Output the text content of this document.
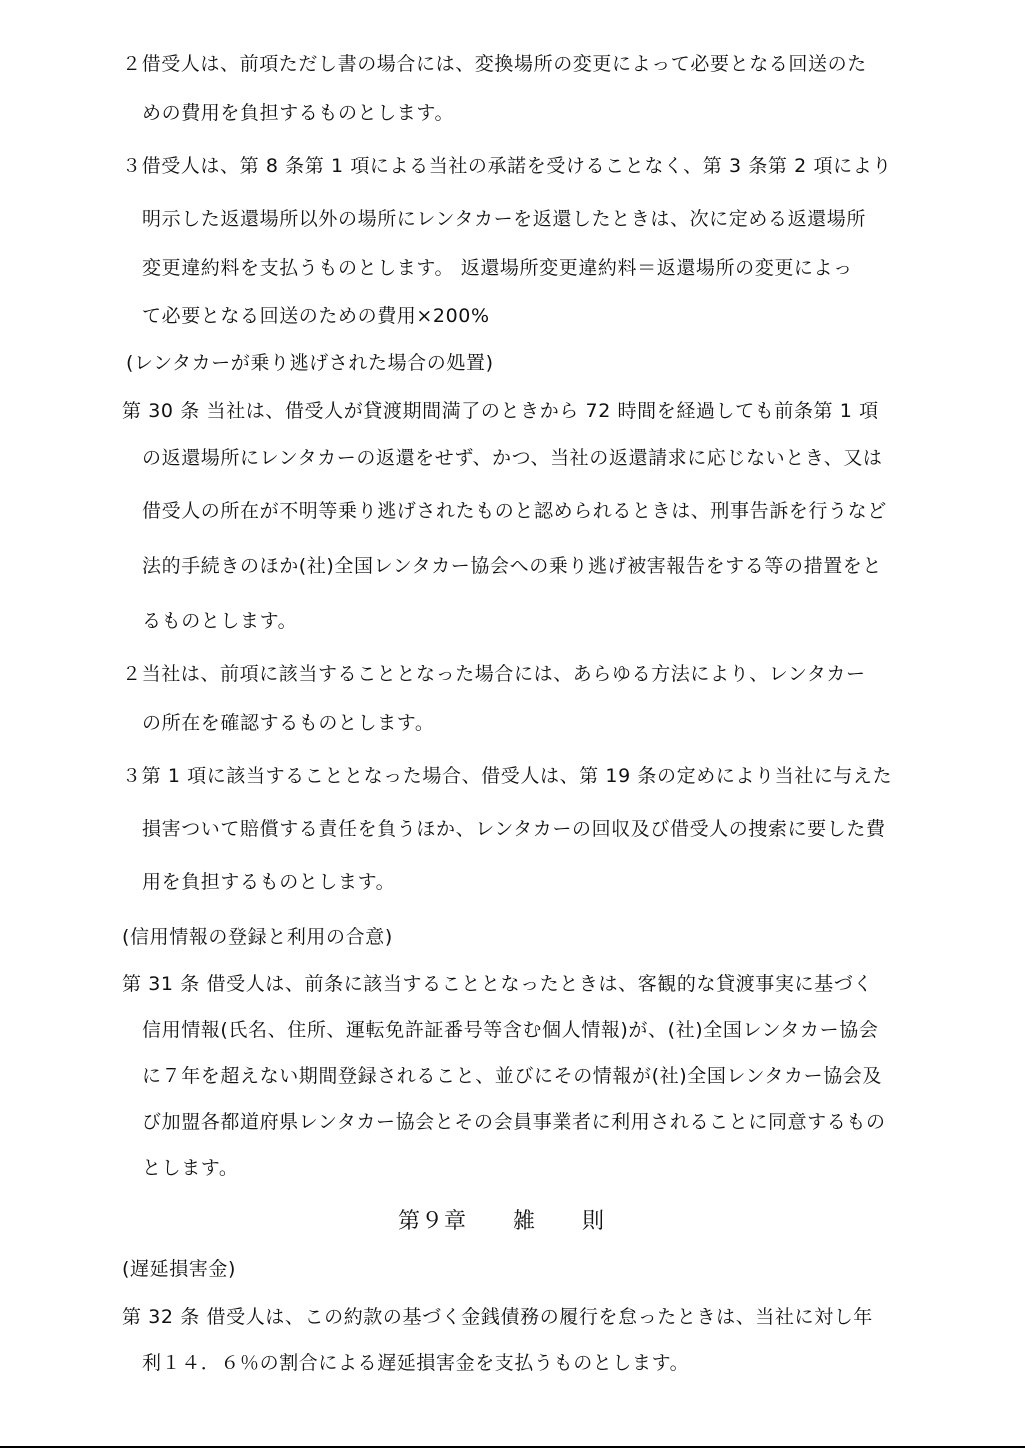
２借受人は、前項ただし書の場合には、変換場所の変更によって必要となる回送のた
めの費用を負担するものとします。
３借受人は、第 8 条第 1 項による当社の承諾を受けることなく、第 3 条第 2 項により
明示した返還場所以外の場所にレンタカーを返還したときは、次に定める返還場所
変更違約料を支払うものとします。 返還場所変更違約料＝返還場所の変更によっ
て必要となる回送のための費用×200%
(レンタカーが乗り逃げされた場合の処置)
第 30 条 当社は、借受人が貸渡期間満了のときから 72 時間を経過しても前条第 1 項
の返還場所にレンタカーの返還をせず、かつ、当社の返還請求に応じないとき、又は
借受人の所在が不明等乗り逃げされたものと認められるときは、刑事告訴を行うなど
法的手続きのほか(社)全国レンタカー協会への乗り逃げ被害報告をする等の措置をと
るものとします。
２当社は、前項に該当することとなった場合には、あらゆる方法により、レンタカー
の所在を確認するものとします。
３第 1 項に該当することとなった場合、借受人は、第 19 条の定めにより当社に与えた
損害ついて賠償する責任を負うほか、レンタカーの回収及び借受人の捜索に要した費
用を負担するものとします。
(信用情報の登録と利用の合意)
第 31 条 借受人は、前条に該当することとなったときは、客観的な貸渡事実に基づく
信用情報(氏名、住所、運転免許証番号等含む個人情報)が、(社)全国レンタカー協会
に７年を超えない期間登録されること、並びにその情報が(社)全国レンタカー協会及
び加盟各都道府県レンタカー協会とその会員事業者に利用されることに同意するもの
とします。
第９章　　雑　　則
(遅延損害金)
第 32 条 借受人は、この約款の基づく金銭債務の履行を怠ったときは、当社に対し年
利１４．６％の割合による遅延損害金を支払うものとします。
